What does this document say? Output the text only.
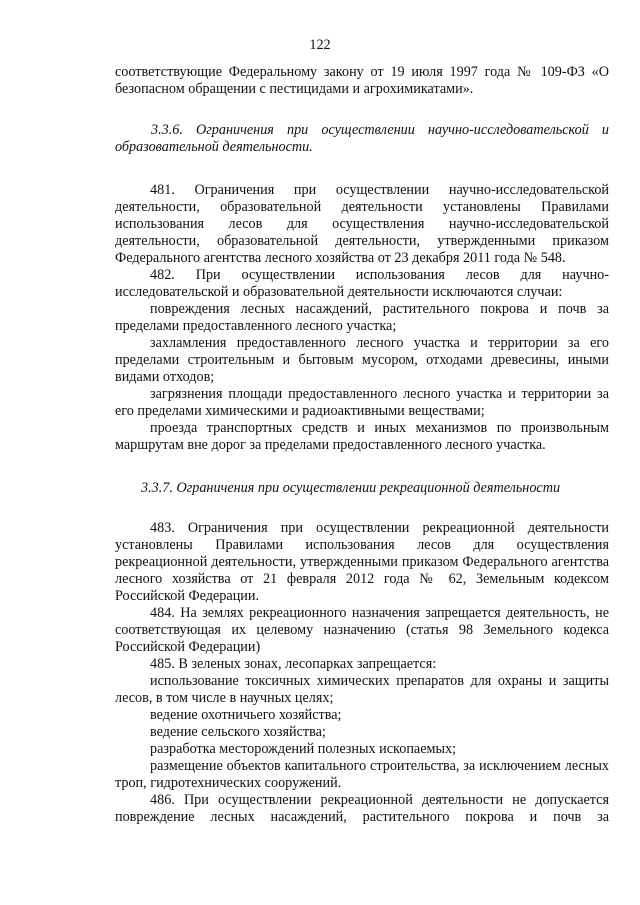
122

соответствующие Федеральному закону от 19 июля 1997 года № 109-ФЗ «О безопасном обращении с пестицидами и агрохимикатами».

3.3.6. Ограничения при осуществлении научно-исследовательской и образовательной деятельности.

481. Ограничения при осуществлении научно-исследовательской деятельности, образовательной деятельности установлены Правилами использования лесов для осуществления научно-исследовательской деятельности, образовательной деятельности, утвержденными приказом Федерального агентства лесного хозяйства от 23 декабря 2011 года № 548.

482. При осуществлении использования лесов для научно-исследовательской и образовательной деятельности исключаются случаи:

повреждения лесных насаждений, растительного покрова и почв за пределами предоставленного лесного участка;

захламления предоставленного лесного участка и территории за его пределами строительным и бытовым мусором, отходами древесины, иными видами отходов;

загрязнения площади предоставленного лесного участка и территории за его пределами химическими и радиоактивными веществами;

проезда транспортных средств и иных механизмов по произвольным маршрутам вне дорог за пределами предоставленного лесного участка.

3.3.7. Ограничения при осуществлении рекреационной деятельности

483. Ограничения при осуществлении рекреационной деятельности установлены Правилами использования лесов для осуществления рекреационной деятельности, утвержденными приказом Федерального агентства лесного хозяйства от 21 февраля 2012 года № 62, Земельным кодексом Российской Федерации.

484. На землях рекреационного назначения запрещается деятельность, не соответствующая их целевому назначению (статья 98 Земельного кодекса Российской Федерации)

485. В зеленых зонах, лесопарках запрещается:

использование токсичных химических препаратов для охраны и защиты лесов, в том числе в научных целях;

ведение охотничьего хозяйства;

ведение сельского хозяйства;

разработка месторождений полезных ископаемых;

размещение объектов капитального строительства, за исключением лесных троп, гидротехнических сооружений.

486. При осуществлении рекреационной деятельности не допускается повреждение лесных насаждений, растительного покрова и почв за
